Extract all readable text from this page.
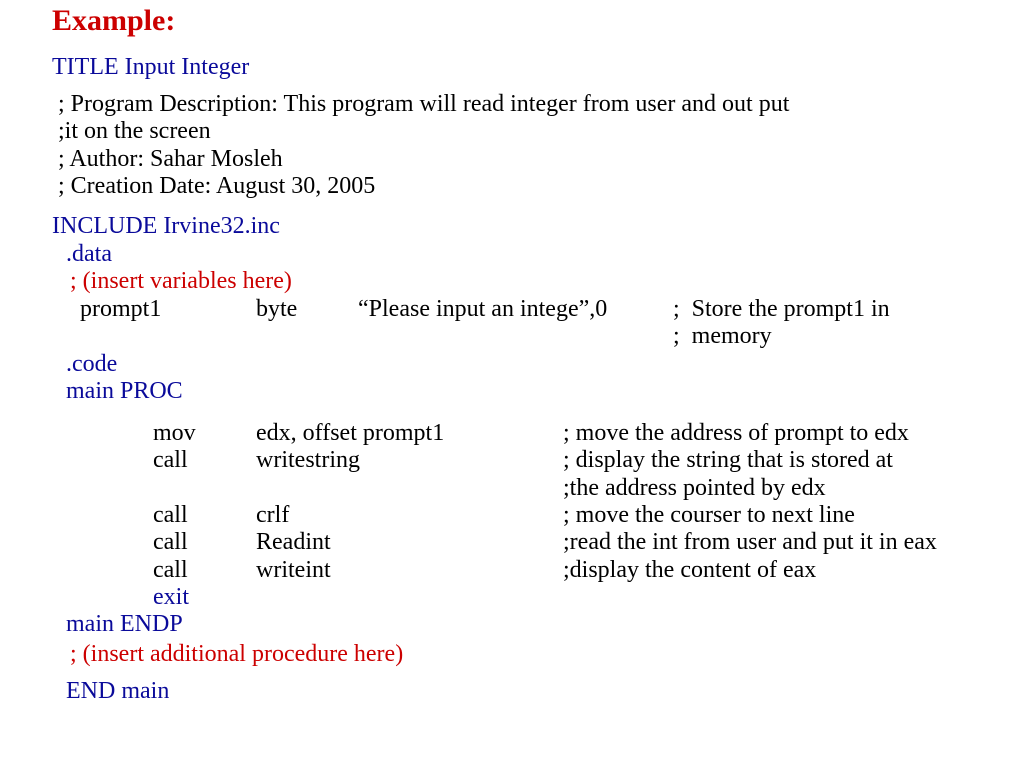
Example:
TITLE Input Integer
; Program Description: This program will read integer from user and out put
;it on the screen
; Author: Sahar Mosleh
; Creation Date: August 30, 2005
INCLUDE Irvine32.inc
.data
; (insert variables here)
prompt1	byte	“Please input an intege”,0	;  Store the prompt1 in
;  memory
.code
main PROC
mov	edx, offset prompt1	; move the address of prompt to edx
call	writestring	; display the string that is stored at
;the address pointed by edx
call	crlf	; move the courser to next line
call	Readint	;read the int from user and put it in eax
call	writeint	;display the content of eax
exit
main ENDP
; (insert additional procedure here)
END main
